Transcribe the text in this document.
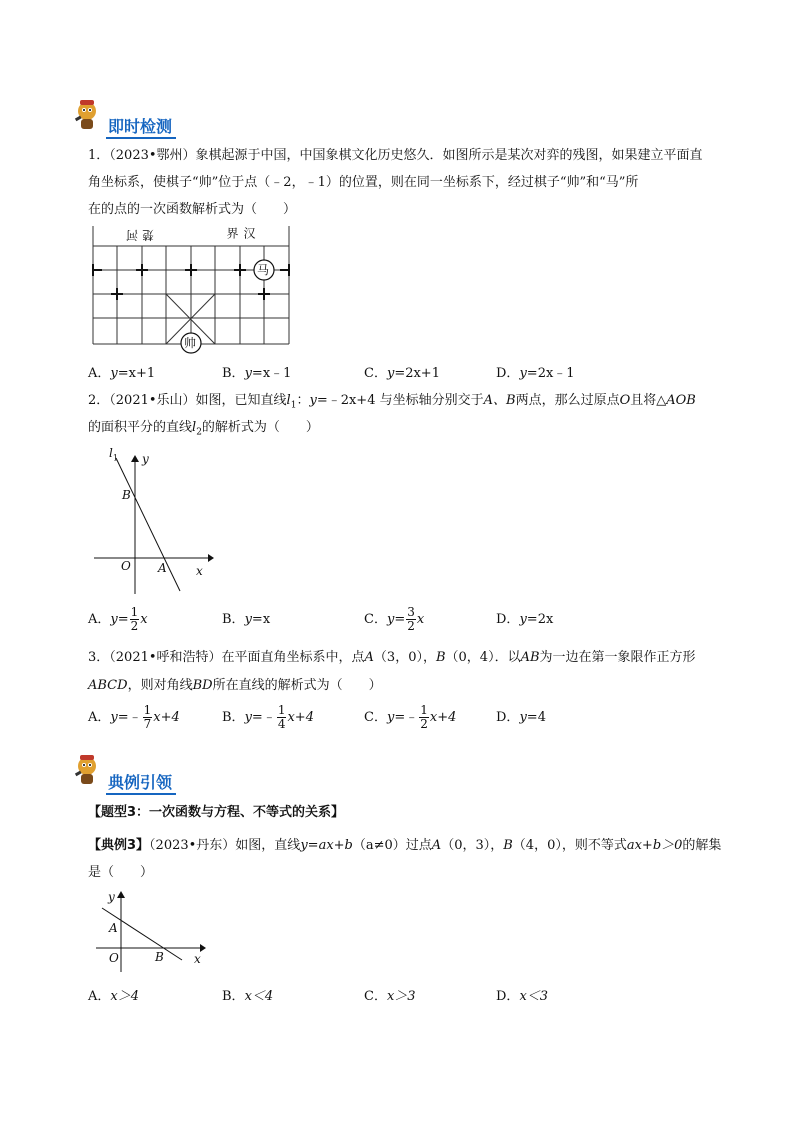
即时检测
1．（2023•鄂州）象棋起源于中国，中国象棋文化历史悠久．如图所示是某次对弈的残图，如果建立平面直
角坐标系，使棋子“帅”位于点（﹣2，﹣1）的位置，则在同一坐标系下，经过棋子“帅”和“马”所
在的点的一次函数解析式为（　　）
楚河	汉界
马
帅
A．y=x+1	B．y=x﹣1	C．y=2x+1	D．y=2x﹣1
2．（2021•乐山）如图，已知直线$l_1$：y=﹣2x+4 与坐标轴分别交于A、B两点，那么过原点O且将△AOB
的面积平分的直线$l_2$的解析式为（　　）
$l_1$ y
B
O A x
A．$y= \frac{1}{2}$ x	B．y=x	C．$y= \frac{3}{2}$ x	D．y=2x
3．（2021•呼和浩特）在平面直角坐标系中，点A（3，0），B（0，4）．以AB为一边在第一象限作正方形
ABCD，则对角线BD所在直线的解析式为（　　）
A．y=﹣ $\frac{1}{7} x+4$	B．y=﹣ $\frac{1}{4} x+4$	C．y=﹣ $\frac{1}{2} x+4$	D．y=4
典例引领
【题型3：一次函数与方程、不等式的关系】
【典例3】（2023•丹东）如图，直线y=ax+b（a≠0）过点A（0，3），B（4，0），则不等式ax+b＞0的解集
是（　　）
y
A
O	B	x
A．x＞4	B．x＜4	C．x＞3	D．x＜3
